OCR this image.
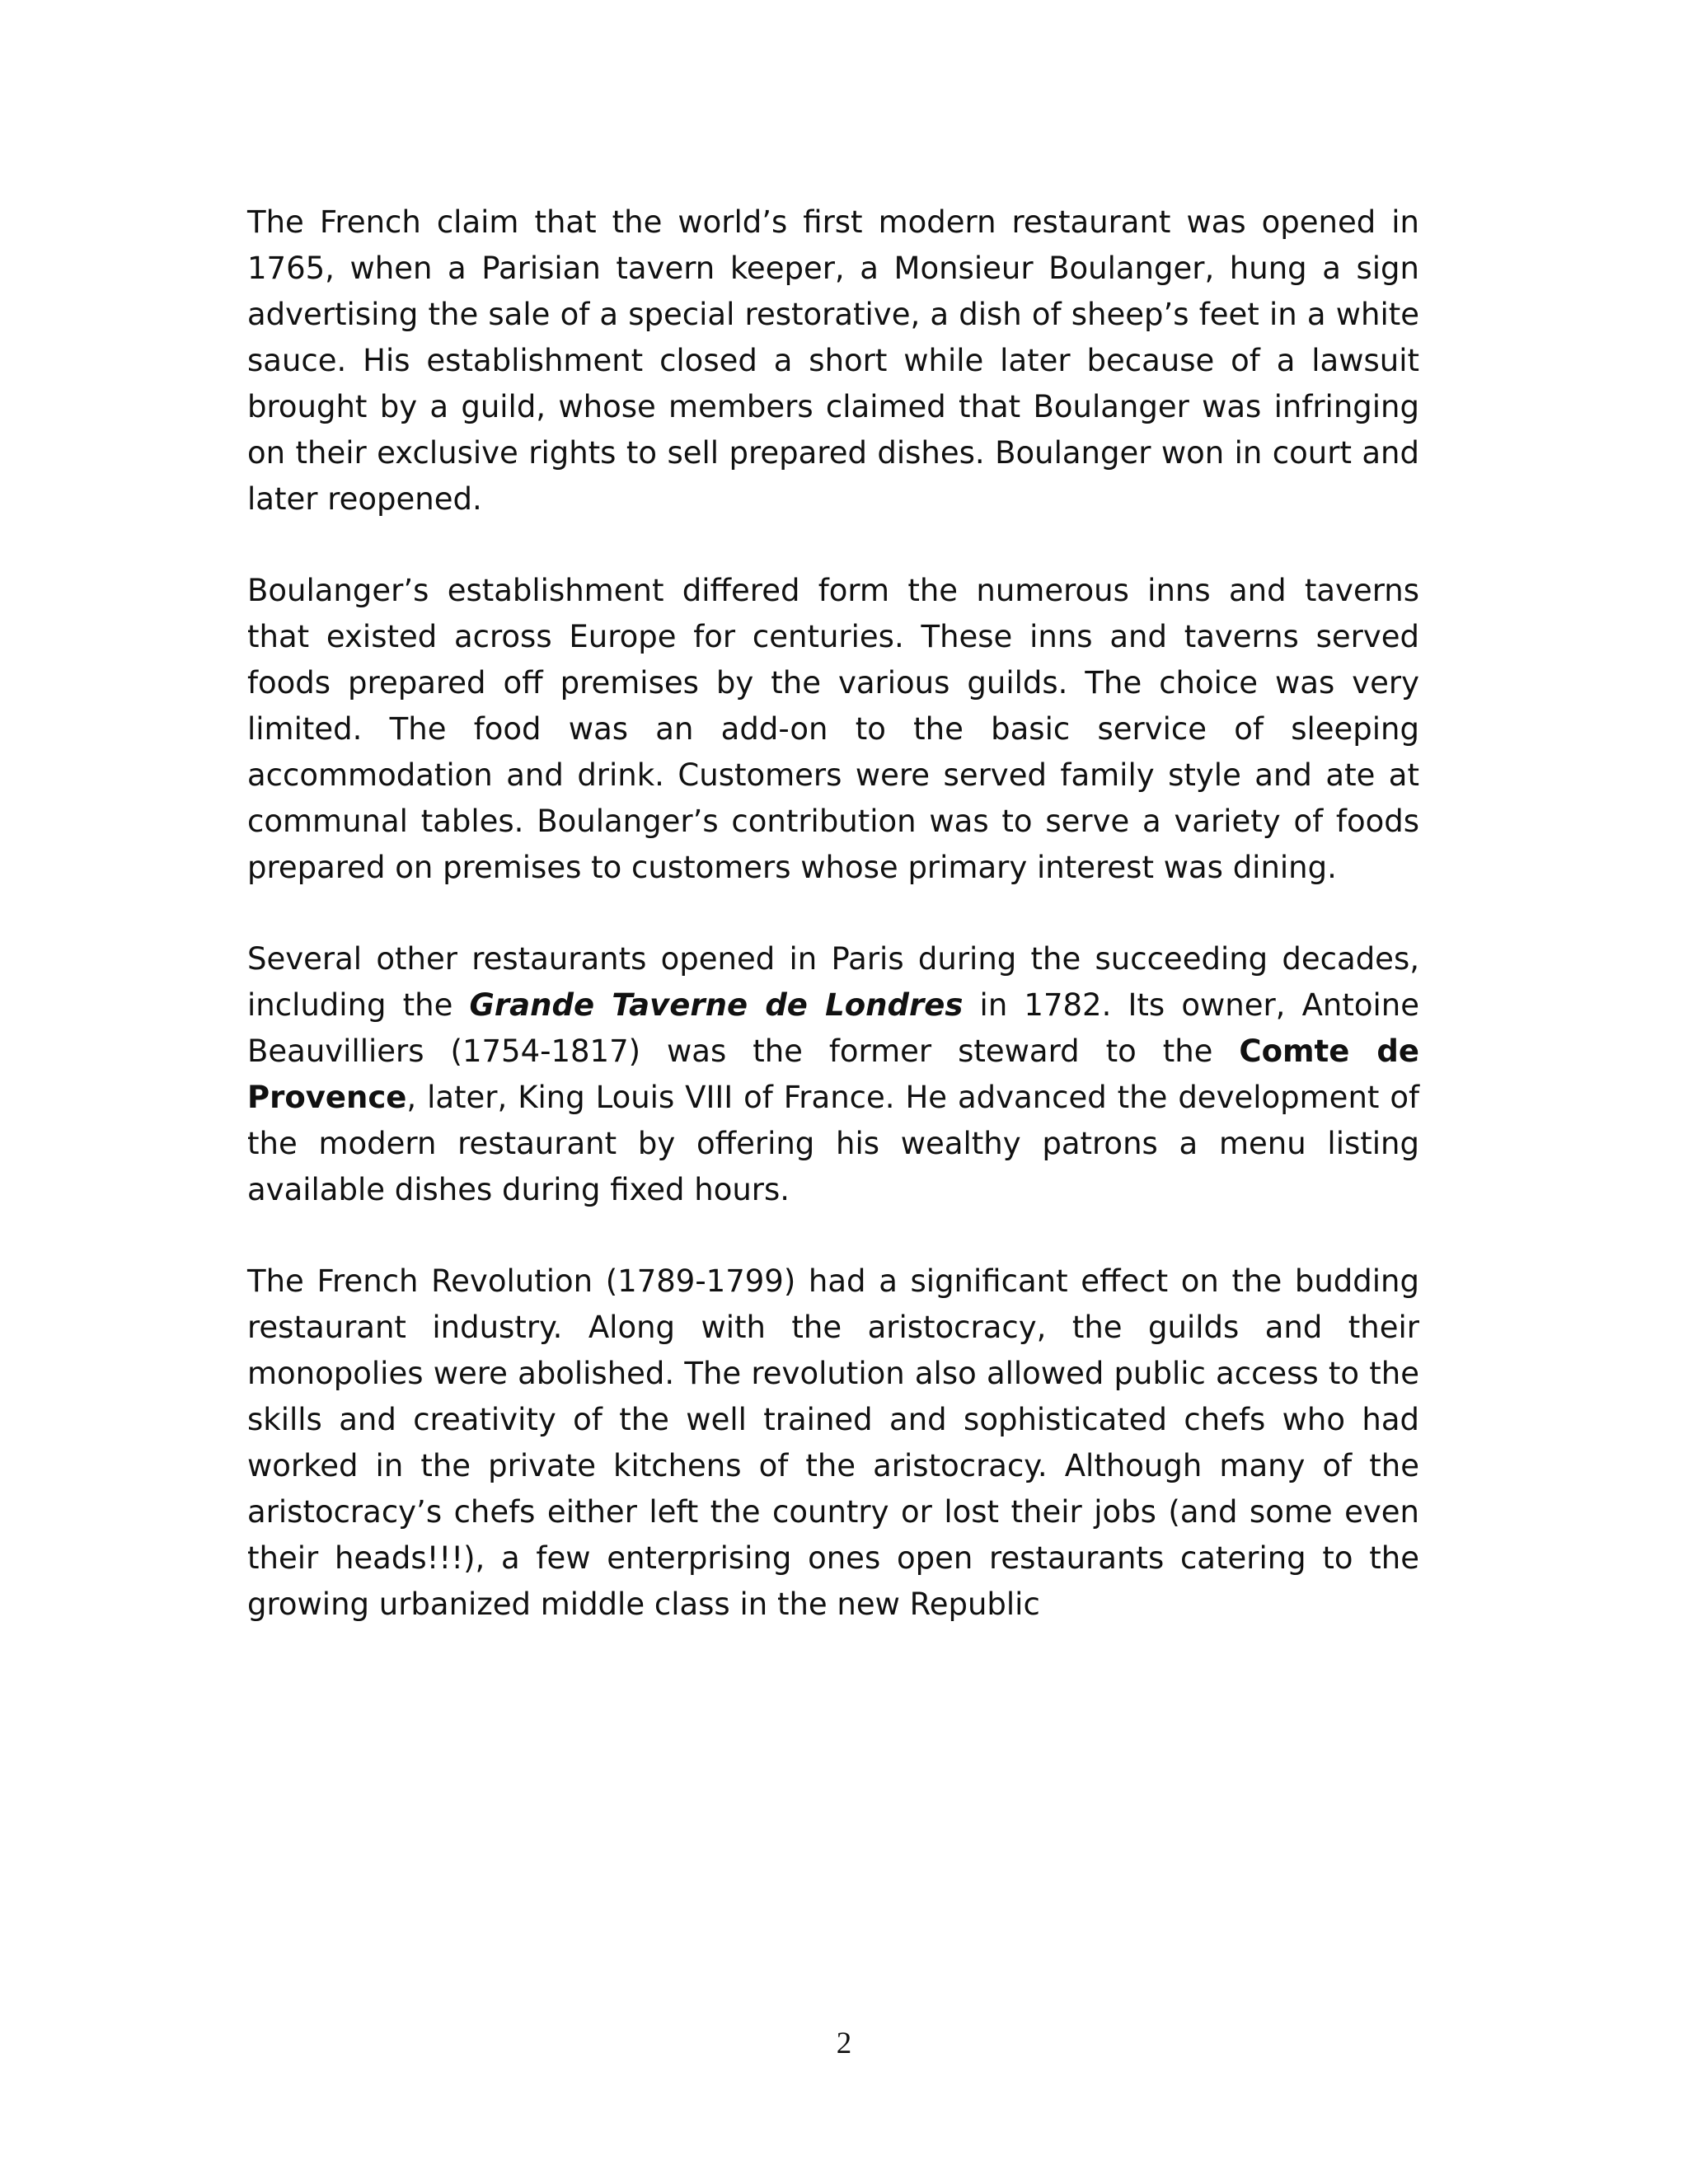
The French claim that the world’s first modern restaurant was opened in 1765, when a Parisian tavern keeper, a Monsieur Boulanger, hung a sign advertising the sale of a special restorative, a dish of sheep’s feet in a white sauce. His establishment closed a short while later because of a lawsuit brought by a guild, whose members claimed that Boulanger was infringing on their exclusive rights to sell prepared dishes. Boulanger won in court and later reopened.

Boulanger’s establishment differed form the numerous inns and taverns that existed across Europe for centuries. These inns and taverns served foods prepared off premises by the various guilds. The choice was very limited. The food was an add-on to the basic service of sleeping accommodation and drink. Customers were served family style and ate at communal tables. Boulanger’s contribution was to serve a variety of foods prepared on premises to customers whose primary interest was dining.

Several other restaurants opened in Paris during the succeeding decades, including the Grande Taverne de Londres in 1782. Its owner, Antoine Beauvilliers (1754-1817) was the former steward to the Comte de Provence, later, King Louis VIII of France. He advanced the development of the modern restaurant by offering his wealthy patrons a menu listing available dishes during fixed hours.

The French Revolution (1789-1799) had a significant effect on the budding restaurant industry. Along with the aristocracy, the guilds and their monopolies were abolished. The revolution also allowed public access to the skills and creativity of the well trained and sophisticated chefs who had worked in the private kitchens of the aristocracy. Although many of the aristocracy’s chefs either left the country or lost their jobs (and some even their heads!!!), a few enterprising ones open restaurants catering to the growing urbanized middle class in the new Republic

2
